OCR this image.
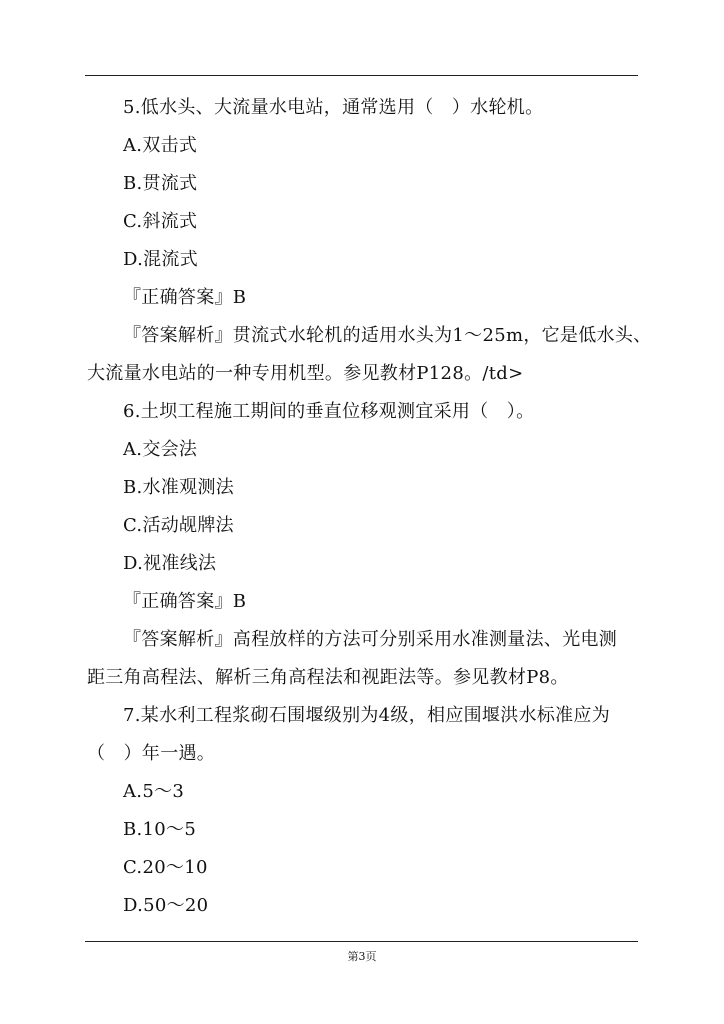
5.低水头、大流量水电站，通常选用（　）水轮机。
A.双击式
B.贯流式
C.斜流式
D.混流式
『正确答案』B
『答案解析』贯流式水轮机的适用水头为1～25m，它是低水头、
大流量水电站的一种专用机型。参见教材P128。/td>
6.土坝工程施工期间的垂直位移观测宜采用（　）。
A.交会法
B.水准观测法
C.活动觇牌法
D.视准线法
『正确答案』B
『答案解析』高程放样的方法可分别采用水准测量法、光电测
距三角高程法、解析三角高程法和视距法等。参见教材P8。
7.某水利工程浆砌石围堰级别为4级，相应围堰洪水标准应为
（　）年一遇。
A.5～3
B.10～5
C.20～10
D.50～20
第3页
